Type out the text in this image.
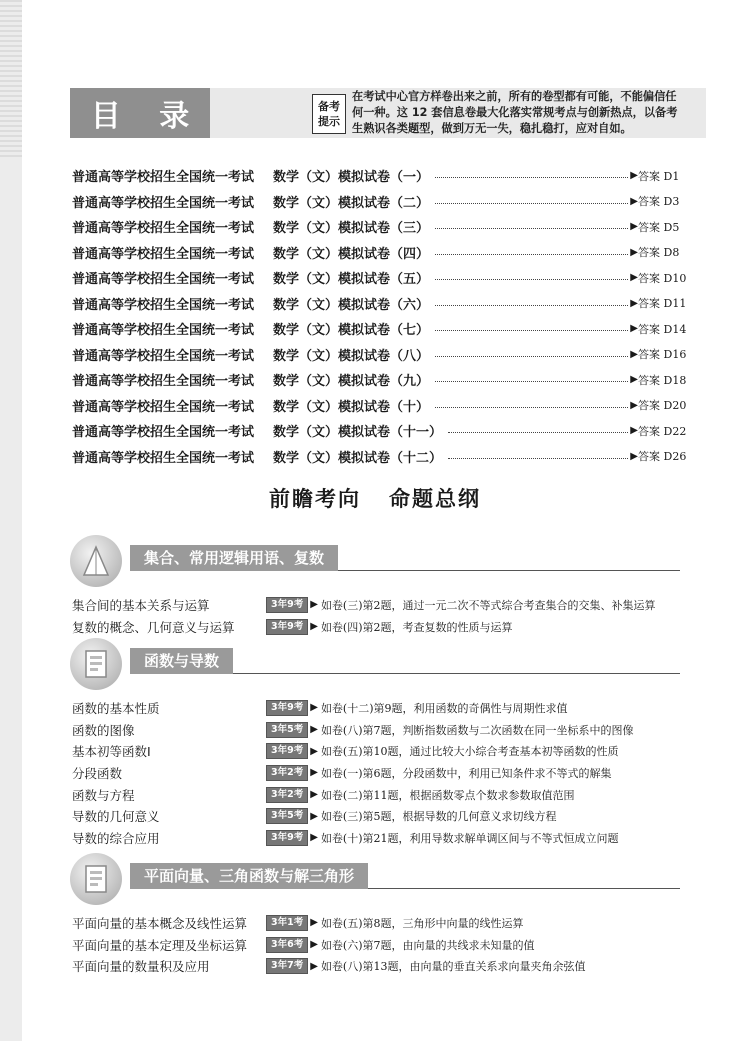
目 录	备考
提示
在考试中心官方样卷出来之前，所有的卷型都有可能，不能偏信任何一种。这 12 套信息卷最大化落实常规考点与创新热点，以备考生熟识各类题型，做到万无一失，稳扎稳打，应对自如。
普通高等学校招生全国统一考试	数学（文）模拟试卷（一）	▶ 答案 D1
普通高等学校招生全国统一考试	数学（文）模拟试卷（二）	▶ 答案 D3
普通高等学校招生全国统一考试	数学（文）模拟试卷（三）	▶ 答案 D5
普通高等学校招生全国统一考试	数学（文）模拟试卷（四）	▶ 答案 D8
普通高等学校招生全国统一考试	数学（文）模拟试卷（五）	▶ 答案 D10
普通高等学校招生全国统一考试	数学（文）模拟试卷（六）	▶ 答案 D11
普通高等学校招生全国统一考试	数学（文）模拟试卷（七）	▶ 答案 D14
普通高等学校招生全国统一考试	数学（文）模拟试卷（八）	▶ 答案 D16
普通高等学校招生全国统一考试	数学（文）模拟试卷（九）	▶ 答案 D18
普通高等学校招生全国统一考试	数学（文）模拟试卷（十）	▶ 答案 D20
普通高等学校招生全国统一考试	数学（文）模拟试卷（十一）	▶ 答案 D22
普通高等学校招生全国统一考试	数学（文）模拟试卷（十二）	▶ 答案 D26
前瞻考向 命题总纲
集合、常用逻辑用语、复数
集合间的基本关系与运算	3年9考 ▶ 如卷(三)第2题，通过一元二次不等式综合考查集合的交集、补集运算
复数的概念、几何意义与运算	3年9考 ▶ 如卷(四)第2题，考查复数的性质与运算
函数与导数
函数的基本性质	3年9考 ▶ 如卷(十二)第9题，利用函数的奇偶性与周期性求值
函数的图像	3年5考 ▶ 如卷(八)第7题，判断指数函数与二次函数在同一坐标系中的图像
基本初等函数Ⅰ	3年9考 ▶ 如卷(五)第10题，通过比较大小综合考查基本初等函数的性质
分段函数	3年2考 ▶ 如卷(一)第6题，分段函数中，利用已知条件求不等式的解集
函数与方程	3年2考 ▶ 如卷(二)第11题，根据函数零点个数求参数取值范围
导数的几何意义	3年5考 ▶ 如卷(三)第5题，根据导数的几何意义求切线方程
导数的综合应用	3年9考 ▶ 如卷(十)第21题，利用导数求解单调区间与不等式恒成立问题
平面向量、三角函数与解三角形
平面向量的基本概念及线性运算	3年1考 ▶ 如卷(五)第8题，三角形中向量的线性运算
平面向量的基本定理及坐标运算	3年6考 ▶ 如卷(六)第7题，由向量的共线求未知量的值
平面向量的数量积及应用	3年7考 ▶ 如卷(八)第13题，由向量的垂直关系求向量夹角余弦值
